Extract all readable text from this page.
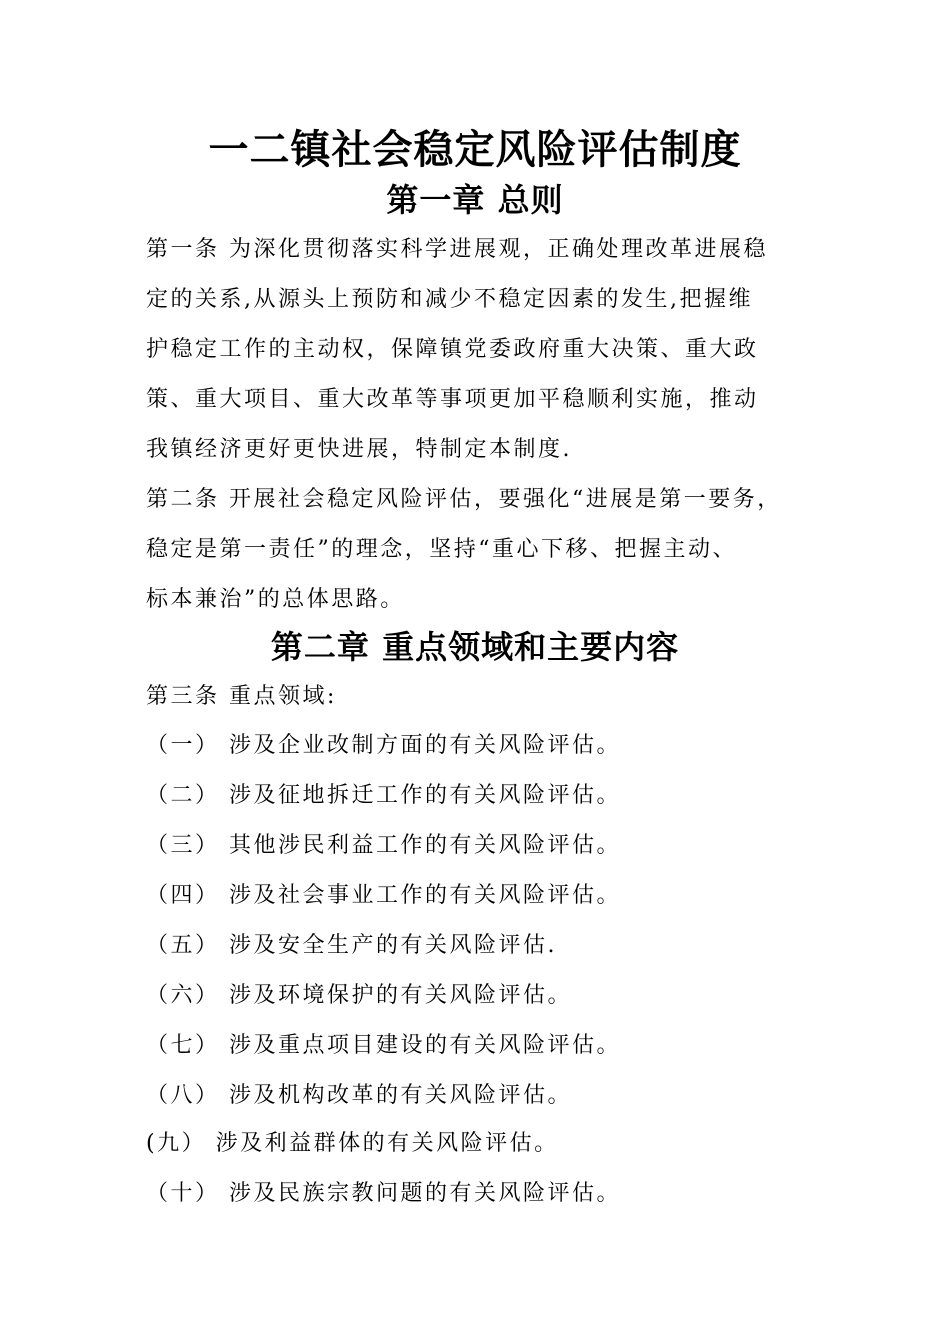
一二镇社会稳定风险评估制度
第一章 总则
第一条 为深化贯彻落实科学进展观，正确处理改革进展稳
定的关系,从源头上预防和减少不稳定因素的发生,把握维
护稳定工作的主动权，保障镇党委政府重大决策、重大政
策、重大项目、重大改革等事项更加平稳顺利实施，推动
我镇经济更好更快进展，特制定本制度.
第二条 开展社会稳定风险评估，要强化“进展是第一要务，
稳定是第一责任”的理念，坚持“重心下移、把握主动、
标本兼治”的总体思路。
第二章 重点领域和主要内容
第三条 重点领域:
（一） 涉及企业改制方面的有关风险评估。
（二） 涉及征地拆迁工作的有关风险评估。
（三） 其他涉民利益工作的有关风险评估。
（四） 涉及社会事业工作的有关风险评估。
（五） 涉及安全生产的有关风险评估.
（六） 涉及环境保护的有关风险评估。
（七） 涉及重点项目建设的有关风险评估。
（八） 涉及机构改革的有关风险评估。
(九） 涉及利益群体的有关风险评估。
（十） 涉及民族宗教问题的有关风险评估。
